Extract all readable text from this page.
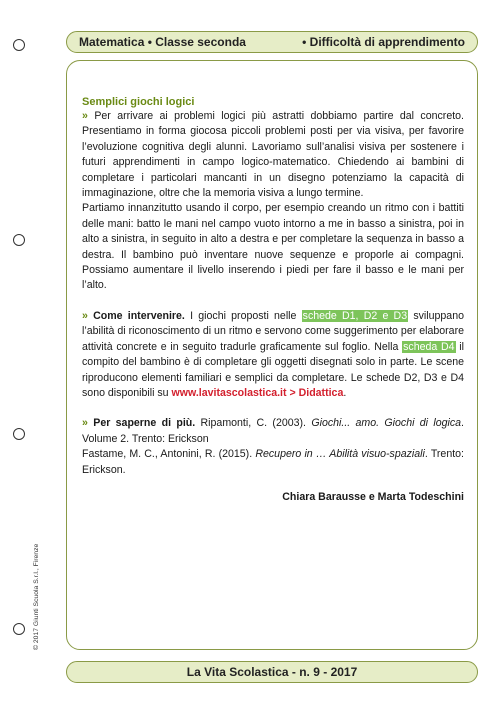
Matematica • Classe seconda	• Difficoltà di apprendimento

Semplici giochi logici

» Per arrivare ai problemi logici più astratti dobbiamo partire dal concreto. Presentiamo in forma giocosa piccoli problemi posti per via visiva, per favorire l’evoluzione cognitiva degli alunni. Lavoriamo sull’analisi visiva per sostenere i futuri apprendimenti in campo logico-matematico. Chiedendo ai bambini di completare i particolari mancanti in un disegno potenziamo la capacità di immaginazione, oltre che la memoria visiva a lungo termine.

Partiamo innanzitutto usando il corpo, per esempio creando un ritmo con i battiti delle mani: batto le mani nel campo vuoto intorno a me in basso a sinistra, poi in alto a sinistra, in seguito in alto a destra e per completare la sequenza in basso a destra. Il bambino può inventare nuove sequenze e proporle ai compagni. Possiamo aumentare il livello inserendo i piedi per fare il basso e le mani per l’alto.

» Come intervenire. I giochi proposti nelle schede D1, D2 e D3 sviluppano l’abilità di riconoscimento di un ritmo e servono come suggerimento per elaborare attività concrete e in seguito tradurle graficamente sul foglio. Nella scheda D4 il compito del bambino è di completare gli oggetti disegnati solo in parte. Le scene riproducono elementi familiari e semplici da completare. Le schede D2, D3 e D4 sono disponibili su www.lavitascolastica.it > Didattica.

» Per saperne di più. Ripamonti, C. (2003). Giochi... amo. Giochi di logica. Volume 2. Trento: Erickson

Fastame, M. C., Antonini, R. (2015). Recupero in … Abilità visuo-spaziali. Trento: Erickson.

Chiara Barausse e Marta Todeschini

© 2017 Giunti Scuola S.r.l., Firenze
La Vita Scolastica - n. 9 - 2017
